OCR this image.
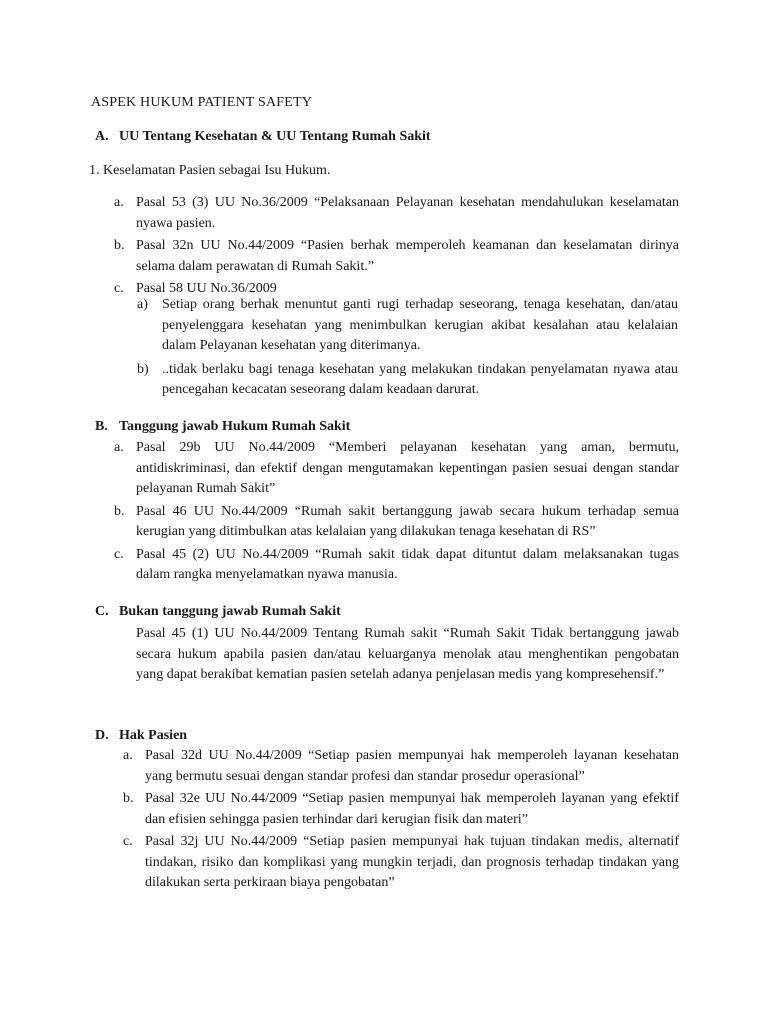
ASPEK HUKUM PATIENT SAFETY
A. UU Tentang Kesehatan & UU Tentang Rumah Sakit
1. Keselamatan Pasien sebagai Isu Hukum.
a. Pasal 53 (3) UU No.36/2009 “Pelaksanaan Pelayanan kesehatan mendahulukan keselamatan nyawa pasien.
b. Pasal 32n UU No.44/2009 “Pasien berhak memperoleh keamanan dan keselamatan dirinya selama dalam perawatan di Rumah Sakit.”
c. Pasal 58 UU No.36/2009
a) Setiap orang berhak menuntut ganti rugi terhadap seseorang, tenaga kesehatan, dan/atau penyelenggara kesehatan yang menimbulkan kerugian akibat kesalahan atau kelalaian dalam Pelayanan kesehatan yang diterimanya.
b) ..tidak berlaku bagi tenaga kesehatan yang melakukan tindakan penyelamatan nyawa atau pencegahan kecacatan seseorang dalam keadaan darurat.
B. Tanggung jawab Hukum Rumah Sakit
a. Pasal 29b UU No.44/2009 “Memberi pelayanan kesehatan yang aman, bermutu, antidiskriminasi, dan efektif dengan mengutamakan kepentingan pasien sesuai dengan standar pelayanan Rumah Sakit”
b. Pasal 46 UU No.44/2009 “Rumah sakit bertanggung jawab secara hukum terhadap semua kerugian yang ditimbulkan atas kelalaian yang dilakukan tenaga kesehatan di RS”
c. Pasal 45 (2) UU No.44/2009 “Rumah sakit tidak dapat dituntut dalam melaksanakan tugas dalam rangka menyelamatkan nyawa manusia.
C. Bukan tanggung jawab Rumah Sakit
Pasal 45 (1) UU No.44/2009 Tentang Rumah sakit “Rumah Sakit Tidak bertanggung jawab secara hukum apabila pasien dan/atau keluarganya menolak atau menghentikan pengobatan yang dapat berakibat kematian pasien setelah adanya penjelasan medis yang kompresehensif.”
D. Hak Pasien
a. Pasal 32d UU No.44/2009 “Setiap pasien mempunyai hak memperoleh layanan kesehatan yang bermutu sesuai dengan standar profesi dan standar prosedur operasional”
b. Pasal 32e UU No.44/2009 “Setiap pasien mempunyai hak memperoleh layanan yang efektif dan efisien sehingga pasien terhindar dari kerugian fisik dan materi”
c. Pasal 32j UU No.44/2009 “Setiap pasien mempunyai hak tujuan tindakan medis, alternatif tindakan, risiko dan komplikasi yang mungkin terjadi, dan prognosis terhadap tindakan yang dilakukan serta perkiraan biaya pengobatan”
